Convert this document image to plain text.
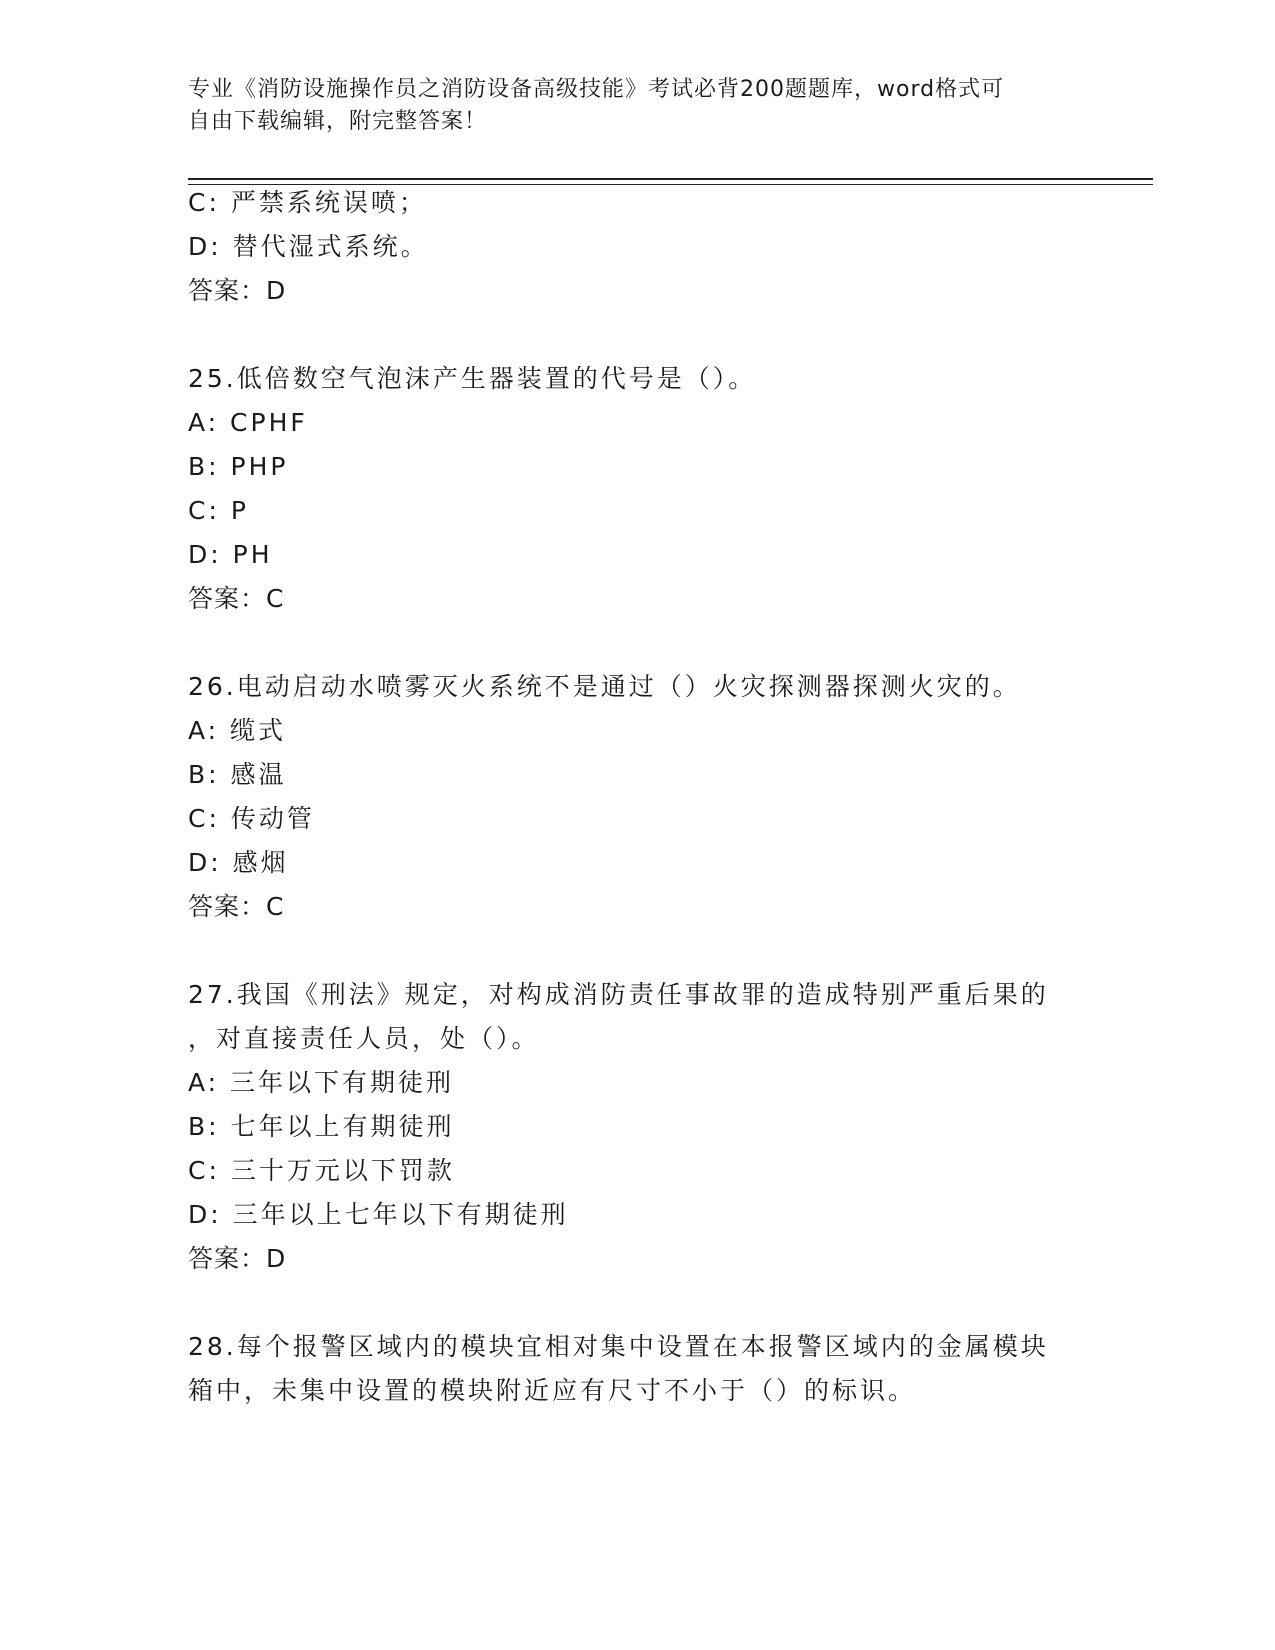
专业《消防设施操作员之消防设备高级技能》考试必背200题题库，word格式可
自由下载编辑，附完整答案！
C: 严禁系统误喷；
D: 替代湿式系统。
答案：D
25.低倍数空气泡沫产生器装置的代号是（）。
A: CPHF
B: PHP
C: P
D: PH
答案：C
26.电动启动水喷雾灭火系统不是通过（）火灾探测器探测火灾的。
A: 缆式
B: 感温
C: 传动管
D: 感烟
答案：C
27.我国《刑法》规定，对构成消防责任事故罪的造成特别严重后果的
，对直接责任人员，处（）。
A: 三年以下有期徒刑
B: 七年以上有期徒刑
C: 三十万元以下罚款
D: 三年以上七年以下有期徒刑
答案：D
28.每个报警区域内的模块宜相对集中设置在本报警区域内的金属模块
箱中，未集中设置的模块附近应有尺寸不小于（）的标识。
